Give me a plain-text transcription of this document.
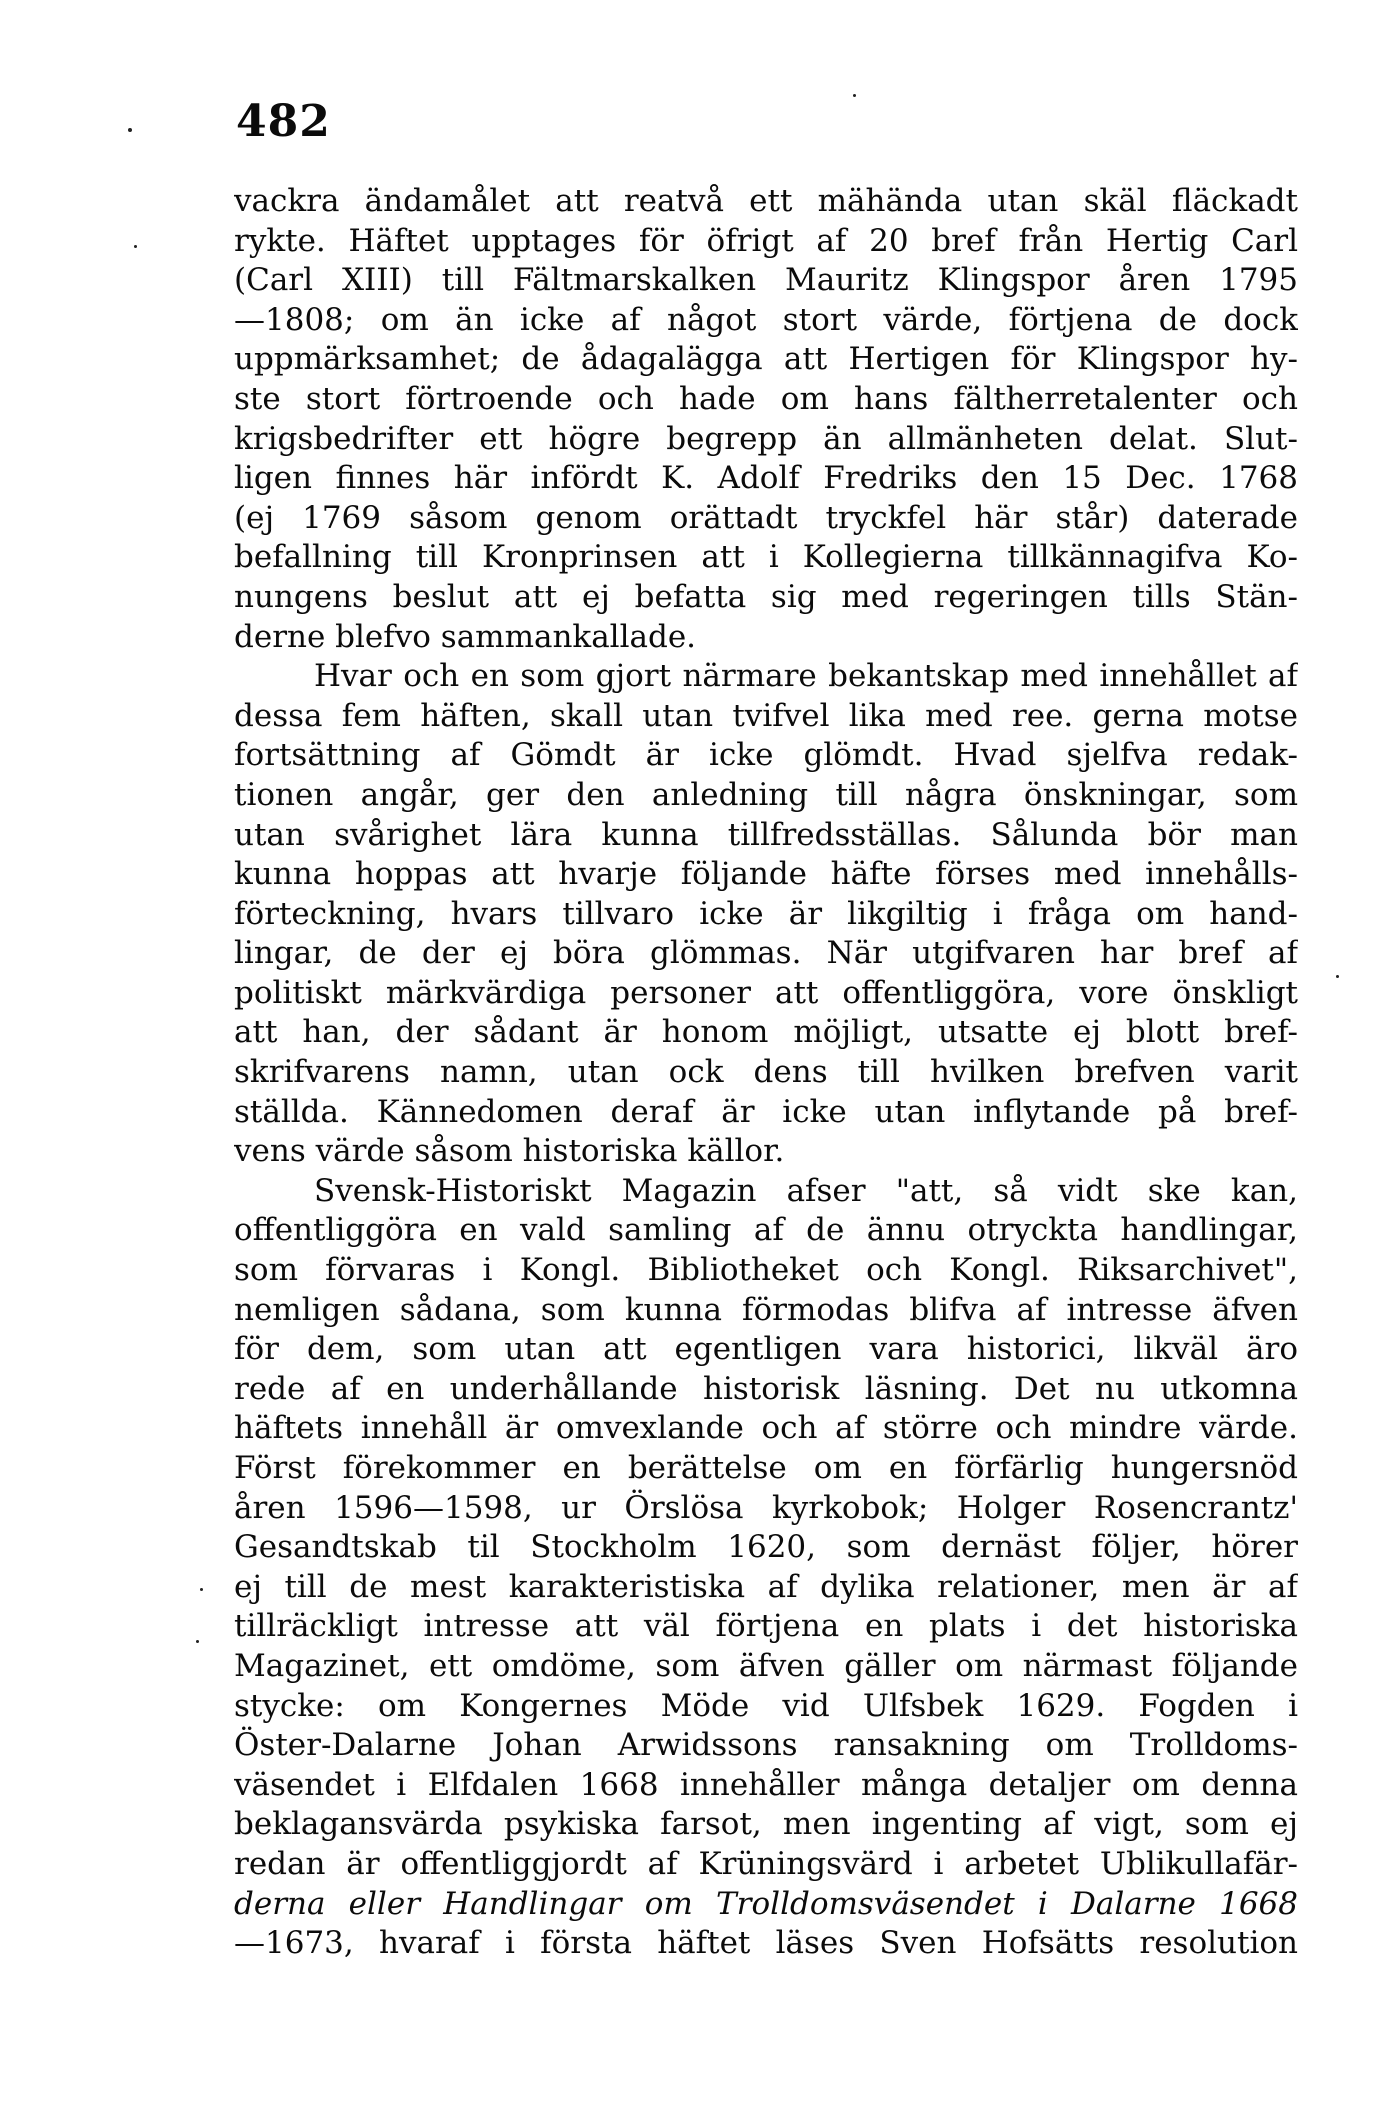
482
vackra ändamålet att reatvå ett mähända utan skäl fläckadt
rykte. Häftet upptages för öfrigt af 20 bref från Hertig Carl
(Carl XIII) till Fältmarskalken Mauritz Klingspor åren 1795
—1808; om än icke af något stort värde, förtjena de dock
uppmärksamhet; de ådagalägga att Hertigen för Klingspor hy-
ste stort förtroende och hade om hans fältherretalenter och
krigsbedrifter ett högre begrepp än allmänheten delat. Slut-
ligen finnes här infördt K. Adolf Fredriks den 15 Dec. 1768
(ej 1769 såsom genom orättadt tryckfel här står) daterade
befallning till Kronprinsen att i Kollegierna tillkännagifva Ko-
nungens beslut att ej befatta sig med regeringen tills Stän-
derne blefvo sammankallade.
Hvar och en som gjort närmare bekantskap med innehållet af
dessa fem häften, skall utan tvifvel lika med ree. gerna motse
fortsättning af Gömdt är icke glömdt. Hvad sjelfva redak-
tionen angår, ger den anledning till några önskningar, som
utan svårighet lära kunna tillfredsställas. Sålunda bör man
kunna hoppas att hvarje följande häfte förses med innehålls-
förteckning, hvars tillvaro icke är likgiltig i fråga om hand-
lingar, de der ej böra glömmas. När utgifvaren har bref af
politiskt märkvärdiga personer att offentliggöra, vore önskligt
att han, der sådant är honom möjligt, utsatte ej blott bref-
skrifvarens namn, utan ock dens till hvilken brefven varit
ställda. Kännedomen deraf är icke utan inflytande på bref-
vens värde såsom historiska källor.
Svensk-Historiskt Magazin afser "att, så vidt ske kan,
offentliggöra en vald samling af de ännu otryckta handlingar,
som förvaras i Kongl. Bibliotheket och Kongl. Riksarchivet",
nemligen sådana, som kunna förmodas blifva af intresse äfven
för dem, som utan att egentligen vara historici, likväl äro
rede af en underhållande historisk läsning. Det nu utkomna
häftets innehåll är omvexlande och af större och mindre värde.
Först förekommer en berättelse om en förfärlig hungersnöd
åren 1596—1598, ur Örslösa kyrkobok; Holger Rosencrantz'
Gesandtskab til Stockholm 1620, som dernäst följer, hörer
ej till de mest karakteristiska af dylika relationer, men är af
tillräckligt intresse att väl förtjena en plats i det historiska
Magazinet, ett omdöme, som äfven gäller om närmast följande
stycke: om Kongernes Möde vid Ulfsbek 1629. Fogden i
Öster-Dalarne Johan Arwidssons ransakning om Trolldoms-
väsendet i Elfdalen 1668 innehåller många detaljer om denna
beklagansvärda psykiska farsot, men ingenting af vigt, som ej
redan är offentliggjordt af Krüningsvärd i arbetet Ublikullafär-
derna eller Handlingar om Trolldomsväsendet i Dalarne 1668
—1673, hvaraf i första häftet läses Sven Hofsätts resolution
